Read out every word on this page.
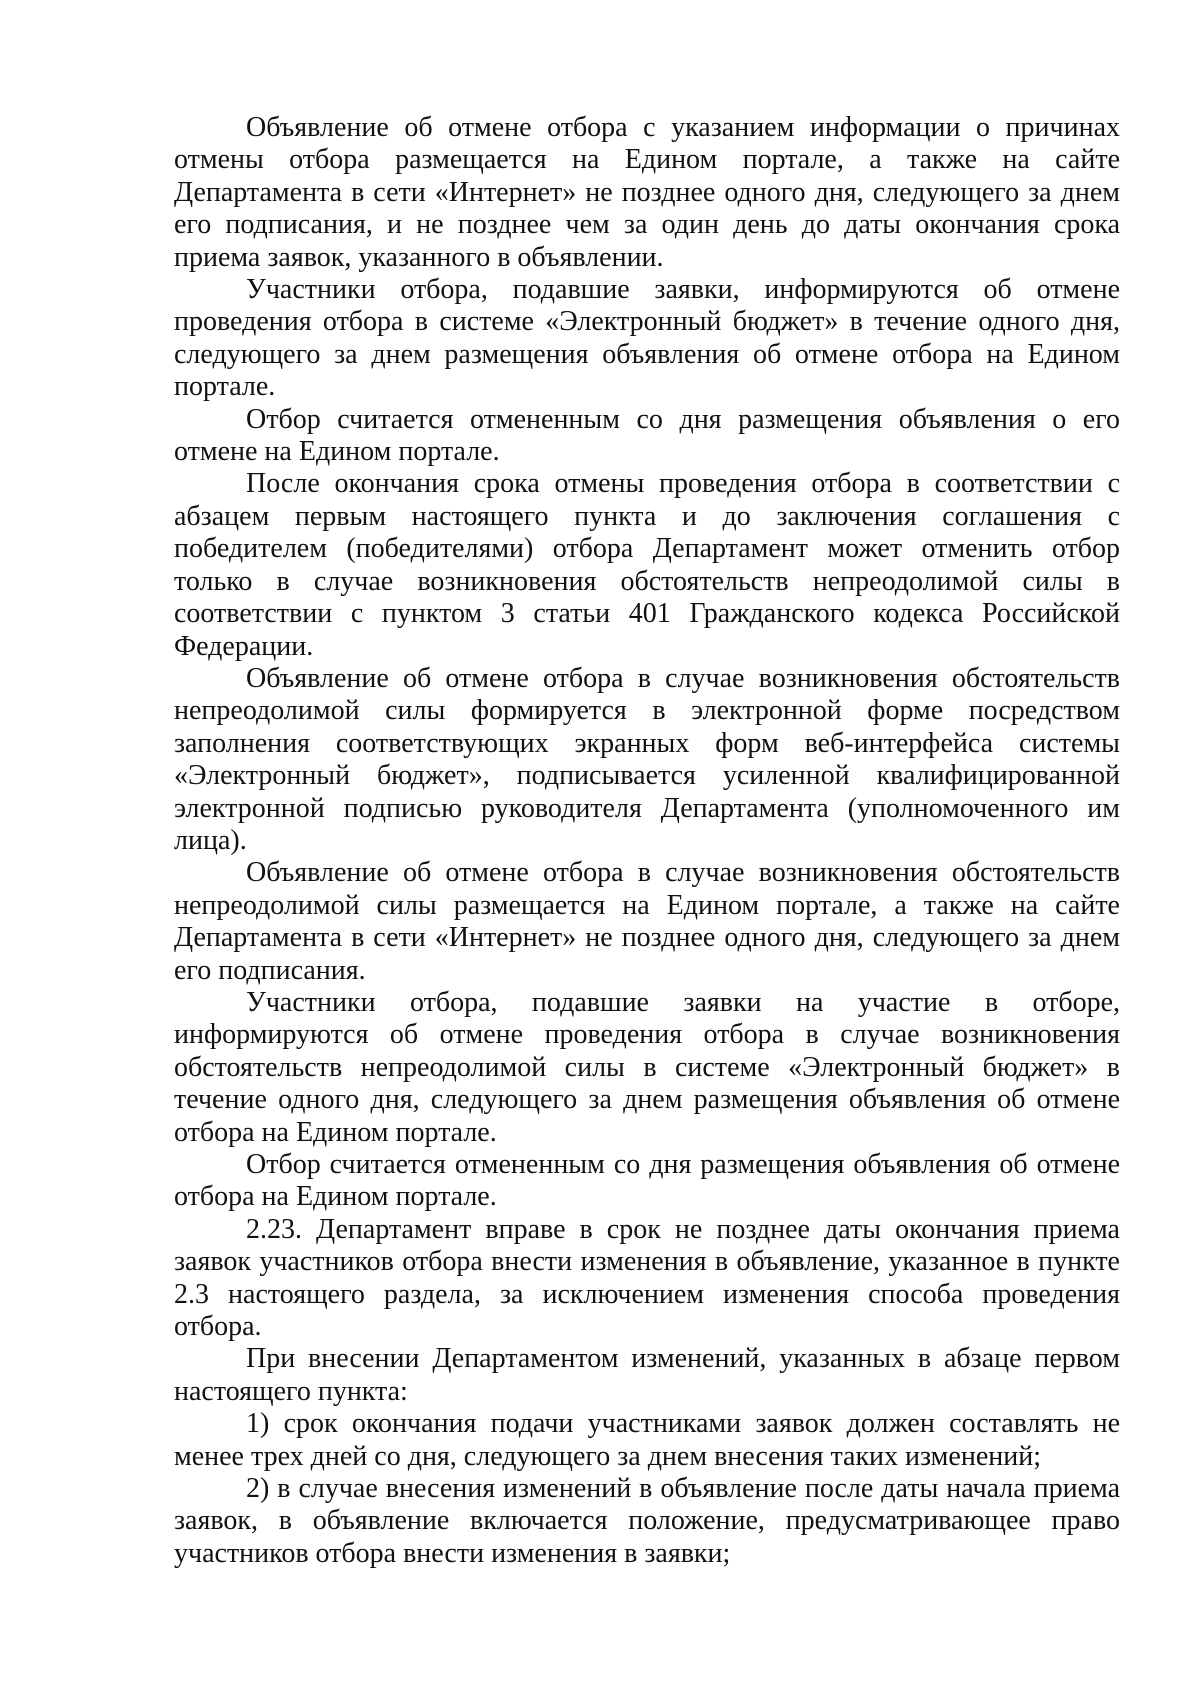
Объявление об отмене отбора с указанием информации о причинах отмены отбора размещается на Едином портале, а также на сайте Департамента в сети «Интернет» не позднее одного дня, следующего за днем его подписания, и не позднее чем за один день до даты окончания срока приема заявок, указанного в объявлении.

Участники отбора, подавшие заявки, информируются об отмене проведения отбора в системе «Электронный бюджет» в течение одного дня, следующего за днем размещения объявления об отмене отбора на Едином портале.

Отбор считается отмененным со дня размещения объявления о его отмене на Едином портале.

После окончания срока отмены проведения отбора в соответствии с абзацем первым настоящего пункта и до заключения соглашения с победителем (победителями) отбора Департамент может отменить отбор только в случае возникновения обстоятельств непреодолимой силы в соответствии с пунктом 3 статьи 401 Гражданского кодекса Российской Федерации.

Объявление об отмене отбора в случае возникновения обстоятельств непреодолимой силы формируется в электронной форме посредством заполнения соответствующих экранных форм веб-интерфейса системы «Электронный бюджет», подписывается усиленной квалифицированной электронной подписью руководителя Департамента (уполномоченного им лица).

Объявление об отмене отбора в случае возникновения обстоятельств непреодолимой силы размещается на Едином портале, а также на сайте Департамента в сети «Интернет» не позднее одного дня, следующего за днем его подписания.

Участники отбора, подавшие заявки на участие в отборе, информируются об отмене проведения отбора в случае возникновения обстоятельств непреодолимой силы в системе «Электронный бюджет» в течение одного дня, следующего за днем размещения объявления об отмене отбора на Едином портале.

Отбор считается отмененным со дня размещения объявления об отмене отбора на Едином портале.

2.23. Департамент вправе в срок не позднее даты окончания приема заявок участников отбора внести изменения в объявление, указанное в пункте 2.3 настоящего раздела, за исключением изменения способа проведения отбора.

При внесении Департаментом изменений, указанных в абзаце первом настоящего пункта:

1) срок окончания подачи участниками заявок должен составлять не менее трех дней со дня, следующего за днем внесения таких изменений;

2) в случае внесения изменений в объявление после даты начала приема заявок, в объявление включается положение, предусматривающее право участников отбора внести изменения в заявки;
